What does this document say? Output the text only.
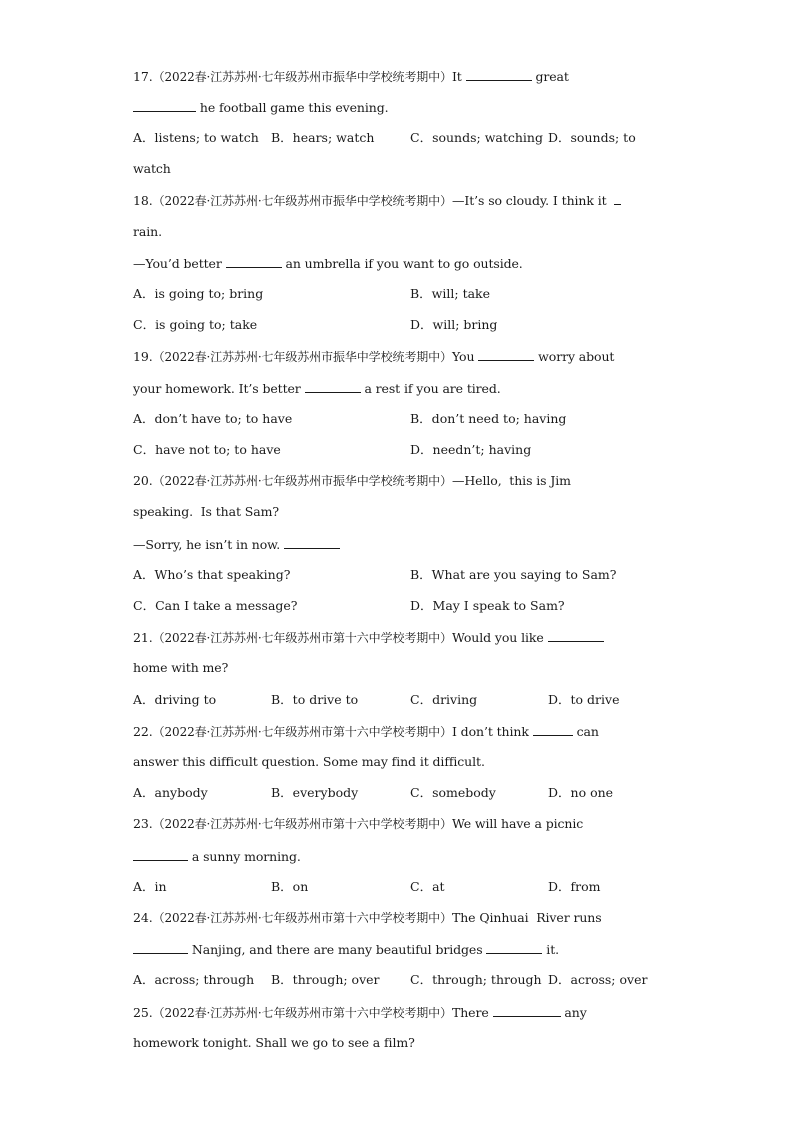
17.（2022春·江苏苏州·七年级苏州市振华中学校统考期中）It	great
he football game this evening.
A．listens; to watch B．hears; watch	C．sounds; watching D．sounds; to
watch
18.（2022春·江苏苏州·七年级苏州市振华中学校统考期中）—It’s so cloudy. I think it
rain.
—You’d better	an umbrella if you want to go outside.
A．is going to; bring	B．will; take
C．is going to; take	D．will; bring
19.（2022春·江苏苏州·七年级苏州市振华中学校统考期中）You	worry about
your homework. It’s better	a rest if you are tired.
A．don’t have to; to have	B．don’t need to; having
C．have not to; to have	D．needn’t; having
20.（2022春·江苏苏州·七年级苏州市振华中学校统考期中）—Hello,  this is Jim
speaking.  Is that Sam?
—Sorry, he isn’t in now.
A．Who’s that speaking?	B．What are you saying to Sam?
C．Can I take a message?	D．May I speak to Sam?
21.（2022春·江苏苏州·七年级苏州市第十六中学校考期中）Would you like
home with me?
A．driving to	B．to drive to	C．driving	D．to drive
22.（2022春·江苏苏州·七年级苏州市第十六中学校考期中）I don’t think	can
answer this difficult question. Some may find it difficult.
A．anybody	B．everybody	C．somebody	D．no one
23.（2022春·江苏苏州·七年级苏州市第十六中学校考期中）We will have a picnic
a sunny morning.
A．in	B．on	C．at	D．from
24.（2022春·江苏苏州·七年级苏州市第十六中学校考期中）The Qinhuai  River runs
Nanjing, and there are many beautiful bridges	it.
A．across; through B．through; over C．through; through D．across; over
25.（2022春·江苏苏州·七年级苏州市第十六中学校考期中）There	any
homework tonight. Shall we go to see a film?
